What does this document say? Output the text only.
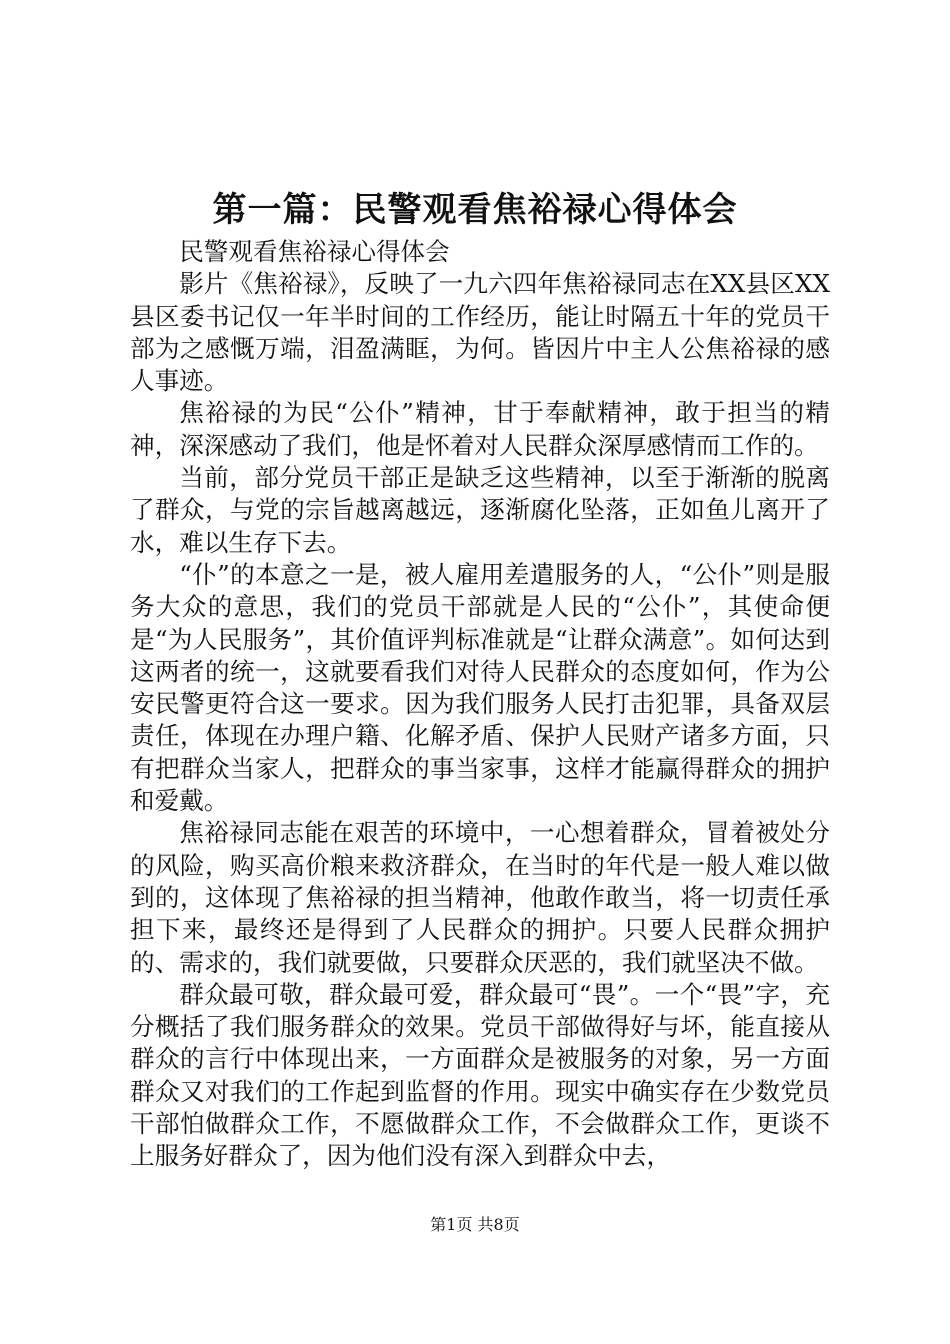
第一篇：民警观看焦裕禄心得体会

民警观看焦裕禄心得体会

影片《焦裕禄》，反映了一九六四年焦裕禄同志在XX县区XX县区委书记仅一年半时间的工作经历，能让时隔五十年的党员干部为之感慨万端，泪盈满眶，为何。皆因片中主人公焦裕禄的感人事迹。

焦裕禄的为民“公仆”精神，甘于奉献精神，敢于担当的精神，深深感动了我们，他是怀着对人民群众深厚感情而工作的。

当前，部分党员干部正是缺乏这些精神，以至于渐渐的脱离了群众，与党的宗旨越离越远，逐渐腐化坠落，正如鱼儿离开了水，难以生存下去。

“仆”的本意之一是，被人雇用差遣服务的人，“公仆”则是服务大众的意思，我们的党员干部就是人民的“公仆”，其使命便是“为人民服务”，其价值评判标准就是“让群众满意”。如何达到这两者的统一，这就要看我们对待人民群众的态度如何，作为公安民警更符合这一要求。因为我们服务人民打击犯罪，具备双层责任，体现在办理户籍、化解矛盾、保护人民财产诸多方面，只有把群众当家人，把群众的事当家事，这样才能赢得群众的拥护和爱戴。

焦裕禄同志能在艰苦的环境中，一心想着群众，冒着被处分的风险，购买高价粮来救济群众，在当时的年代是一般人难以做到的，这体现了焦裕禄的担当精神，他敢作敢当，将一切责任承担下来，最终还是得到了人民群众的拥护。只要人民群众拥护的、需求的，我们就要做，只要群众厌恶的，我们就坚决不做。

群众最可敬，群众最可爱，群众最可“畏”。一个“畏”字，充分概括了我们服务群众的效果。党员干部做得好与坏，能直接从群众的言行中体现出来，一方面群众是被服务的对象，另一方面群众又对我们的工作起到监督的作用。现实中确实存在少数党员干部怕做群众工作，不愿做群众工作，不会做群众工作，更谈不上服务好群众了，因为他们没有深入到群众中去，

第1页 共8页
